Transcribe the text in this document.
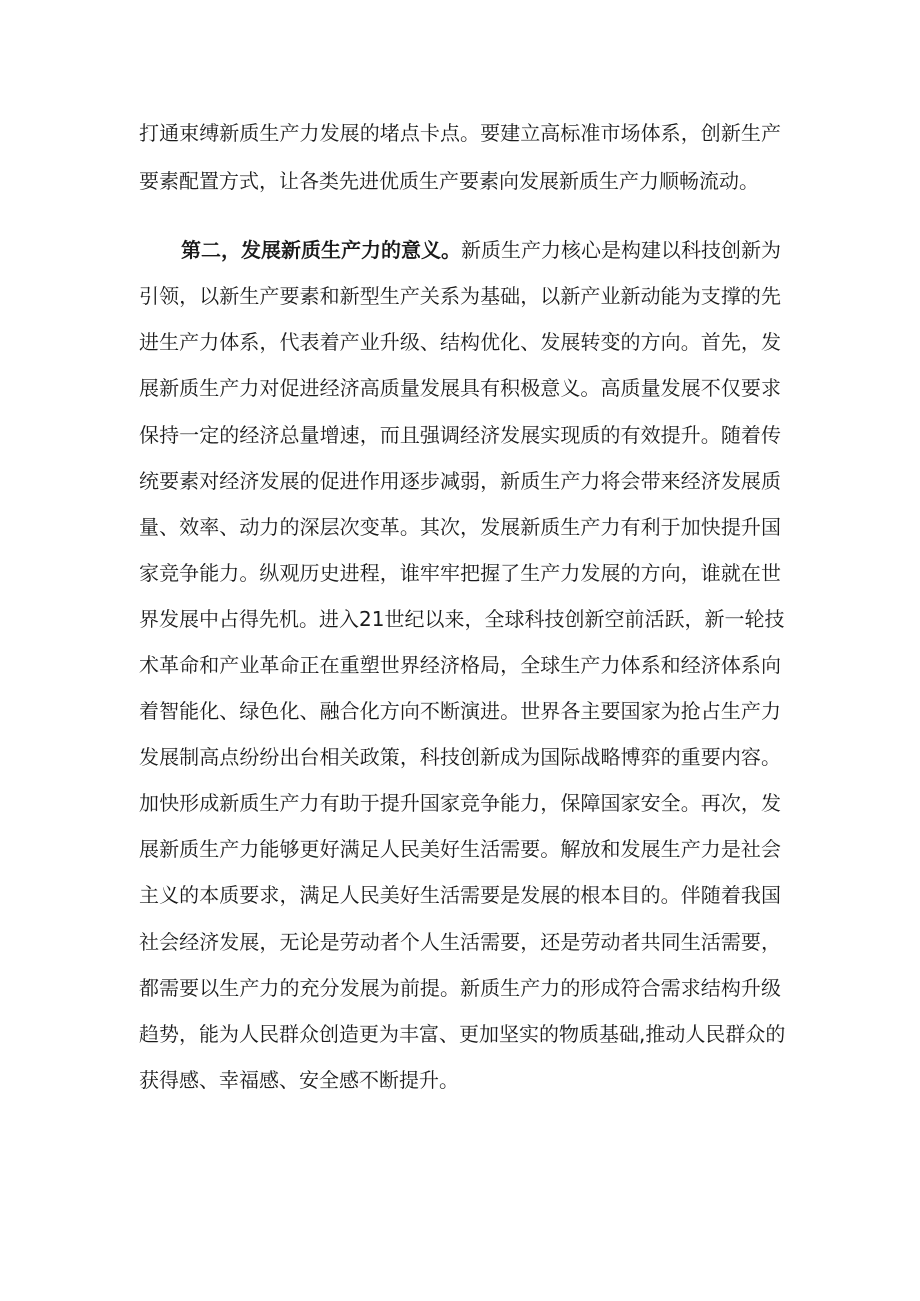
打通束缚新质生产力发展的堵点卡点。要建立高标准市场体系，创新生产
要素配置方式，让各类先进优质生产要素向发展新质生产力顺畅流动。
第二，发展新质生产力的意义。新质生产力核心是构建以科技创新为
引领，以新生产要素和新型生产关系为基础，以新产业新动能为支撑的先
进生产力体系，代表着产业升级、结构优化、发展转变的方向。首先，发
展新质生产力对促进经济高质量发展具有积极意义。高质量发展不仅要求
保持一定的经济总量增速，而且强调经济发展实现质的有效提升。随着传
统要素对经济发展的促进作用逐步减弱，新质生产力将会带来经济发展质
量、效率、动力的深层次变革。其次，发展新质生产力有利于加快提升国
家竞争能力。纵观历史进程，谁牢牢把握了生产力发展的方向，谁就在世
界发展中占得先机。进入21世纪以来，全球科技创新空前活跃，新一轮技
术革命和产业革命正在重塑世界经济格局，全球生产力体系和经济体系向
着智能化、绿色化、融合化方向不断演进。世界各主要国家为抢占生产力
发展制高点纷纷出台相关政策，科技创新成为国际战略博弈的重要内容。
加快形成新质生产力有助于提升国家竞争能力，保障国家安全。再次，发
展新质生产力能够更好满足人民美好生活需要。解放和发展生产力是社会
主义的本质要求，满足人民美好生活需要是发展的根本目的。伴随着我国
社会经济发展，无论是劳动者个人生活需要，还是劳动者共同生活需要，
都需要以生产力的充分发展为前提。新质生产力的形成符合需求结构升级
趋势，能为人民群众创造更为丰富、更加坚实的物质基础,推动人民群众的
获得感、幸福感、安全感不断提升。
